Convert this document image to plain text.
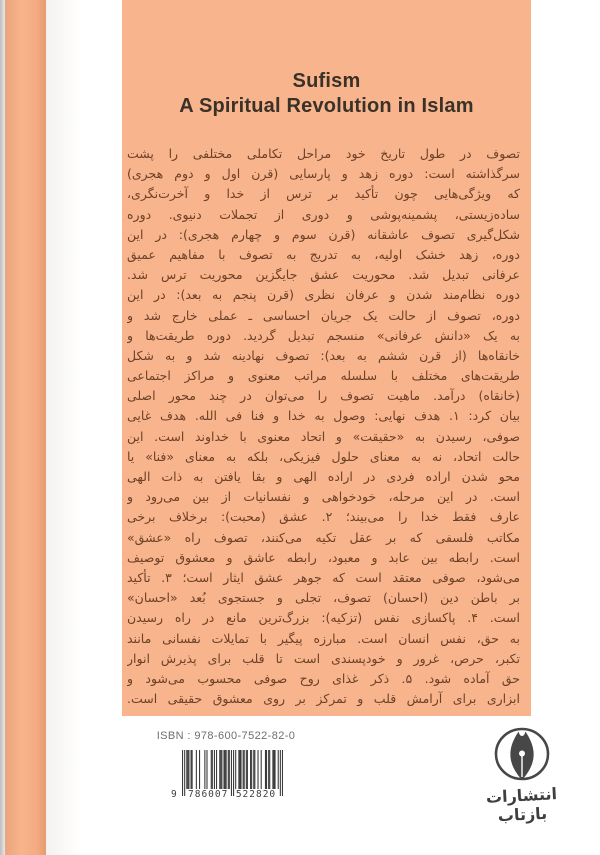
Sufism
A Spiritual Revolution in Islam
تصوف در طول تاریخ خود مراحل تکاملی مختلفی را پشت
سرگذاشته است: دوره زهد و پارسایی (قرن اول و دوم هجری)
که ویژگی‌هایی چون تأکید بر ترس از خدا و آخرت‌نگری،
ساده‌زیستی، پشمینه‌پوشی و دوری از تجملات دنیوی. دوره
شکل‌گیری تصوف عاشقانه (قرن سوم و چهارم هجری): در این
دوره، زهد خشک اولیه، به تدریج به تصوف با مفاهیم عمیق
عرفانی تبدیل شد. محوریت عشق جایگزین محوریت ترس شد.
دوره نظام‌مند شدن و عرفان نظری (قرن پنجم به بعد): در این
دوره، تصوف از حالت یک جریان احساسی ـ عملی خارج شد و
به یک «دانش عرفانی» منسجم تبدیل گردید. دوره طریقت‌ها و
خانقاه‌ها (از قرن ششم به بعد): تصوف نهادینه شد و به شکل
طریقت‌های مختلف با سلسله مراتب معنوی و مراکز اجتماعی
(خانقاه) درآمد. ماهیت تصوف را می‌توان در چند محور اصلی
بیان کرد: ۱. هدف نهایی: وصول به خدا و فنا فی الله. هدف غایی
صوفی، رسیدن به «حقیقت» و اتحاد معنوی با خداوند است. این
حالت اتحاد، نه به معنای حلول فیزیکی، بلکه به معنای «فنا» یا
محو شدن اراده فردی در اراده الهی و بقا یافتن به ذات الهی
است. در این مرحله، خودخواهی و نفسانیات از بین می‌رود و
عارف فقط خدا را می‌بیند؛ ۲. عشق (محبت): برخلاف برخی
مکاتب فلسفی که بر عقل تکیه می‌کنند، تصوف راه «عشق»
است. رابطه بین عابد و معبود، رابطه عاشق و معشوق توصیف
می‌شود، صوفی معتقد است که جوهر عشق ایثار است؛ ۳. تأکید
بر باطن دین (احسان) تصوف، تجلی و جستجوی بُعد «احسان»
است. ۴. پاکسازی نفس (تزکیه): بزرگ‌ترین مانع در راه رسیدن
به حق، نفس انسان است. مبارزه پیگیر با تمایلات نفسانی مانند
تکبر، حرص، غرور و خودپسندی است تا قلب برای پذیرش انوار
حق آماده شود. ۵. ذکر غذای روح صوفی محسوب می‌شود و
ابزاری برای آرامش قلب و تمرکز بر روی معشوق حقیقی است.
ISBN : 978-600-7522-82-0
9 786007 522820	انتشارات بازتاب
